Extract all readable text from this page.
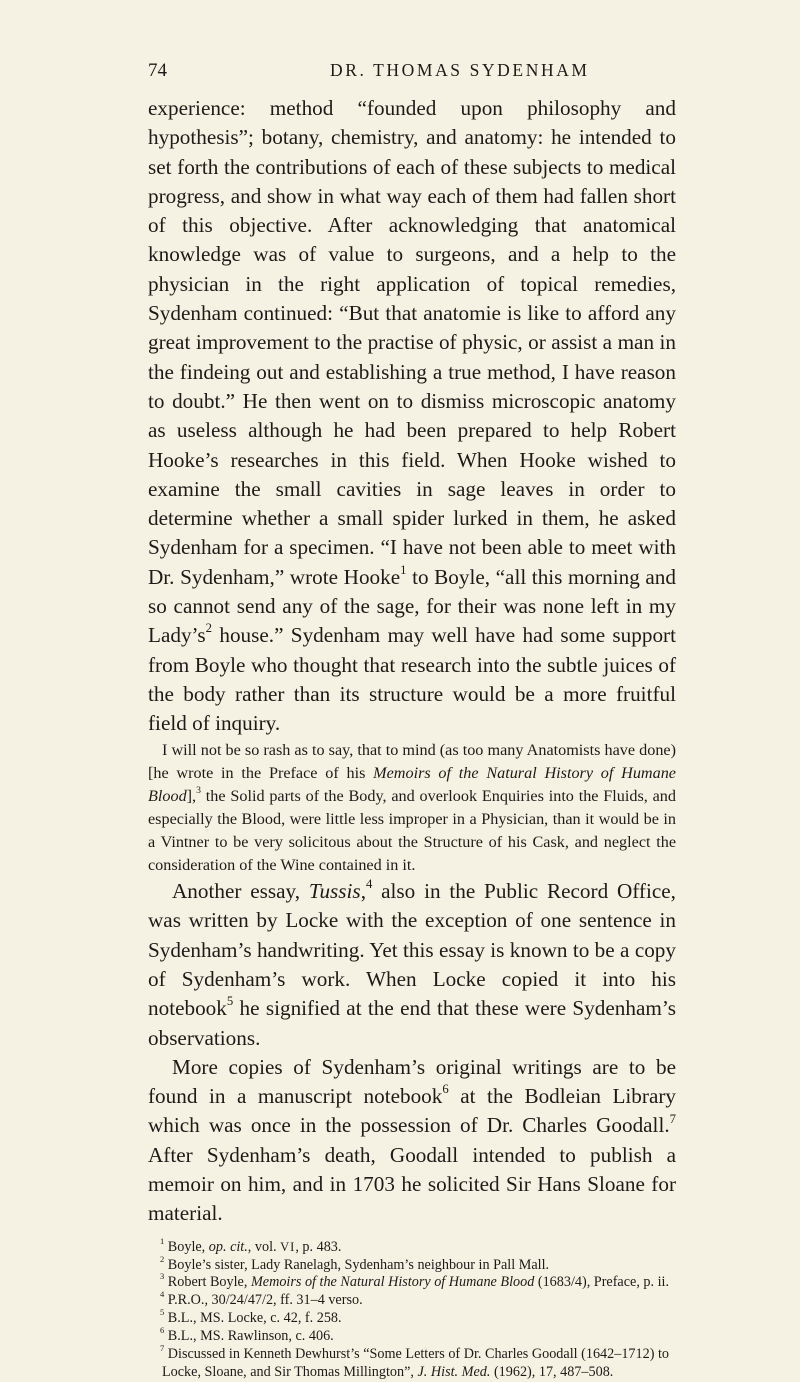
74	DR. THOMAS SYDENHAM

experience: method “founded upon philosophy and hypothesis”; botany, chemistry, and anatomy: he intended to set forth the contributions of each of these subjects to medical progress, and show in what way each of them had fallen short of this objective. After acknowledging that anatomical knowledge was of value to surgeons, and a help to the physician in the right application of topical remedies, Sydenham continued: “But that anatomie is like to afford any great improvement to the practise of physic, or assist a man in the findeing out and establishing a true method, I have reason to doubt.” He then went on to dismiss microscopic anatomy as useless although he had been prepared to help Robert Hooke’s researches in this field. When Hooke wished to examine the small cavities in sage leaves in order to determine whether a small spider lurked in them, he asked Sydenham for a specimen. “I have not been able to meet with Dr. Sydenham,” wrote Hooke$^1$ to Boyle, “all this morning and so cannot send any of the sage, for their was none left in my $Lady’s^2$ house.” Sydenham may well have had some support from Boyle who thought that research into the subtle juices of the body rather than its structure would be a more fruitful field of inquiry.

I will not be so rash as to say, that to mind (as too many Anatomists have done) [he wrote in the Preface of his Memoirs of the Natural History of Humane Blood],$^3$ the Solid parts of the Body, and overlook Enquiries into the Fluids, and especially the Blood, were little less improper in a Physician, than it would be in a Vintner to be very solicitous about the Structure of his Cask, and neglect the consideration of the Wine contained in it.

Another essay, Tussis,$^4$ also in the Public Record Office, was written by Locke with the exception of one sentence in Sydenham’s handwriting. Yet this essay is known to be a copy of Sydenham’s work. When Locke copied it into his notebook$^5$ he signified at the end that these were Sydenham’s observations.

More copies of Sydenham’s original writings are to be found in a manuscript notebook$^6$ at the Bodleian Library which was once in the possession of Dr. Charles Goodall.$^7$ After Sydenham’s death, Goodall intended to publish a memoir on him, and in 1703 he solicited Sir Hans Sloane for material.

$^1$ Boyle, op. cit., vol. VI, p. 483.
$^2$ Boyle’s sister, Lady Ranelagh, Sydenham’s neighbour in Pall Mall.
$^3$ Robert Boyle, Memoirs of the Natural History of Humane Blood (1683/4), Preface, p. ii.
$^4$ P.R.O., 30/24/47/2, ff. 31–4 verso.
$^5$ B.L., MS. Locke, c. 42, f. 258.
$^6$ B.L., MS. Rawlinson, c. 406.
$^7$ Discussed in Kenneth Dewhurst’s “Some Letters of Dr. Charles Goodall (1642–1712) to Locke, Sloane, and Sir Thomas Millington”, J. Hist. Med. (1962), 17, 487–508.
